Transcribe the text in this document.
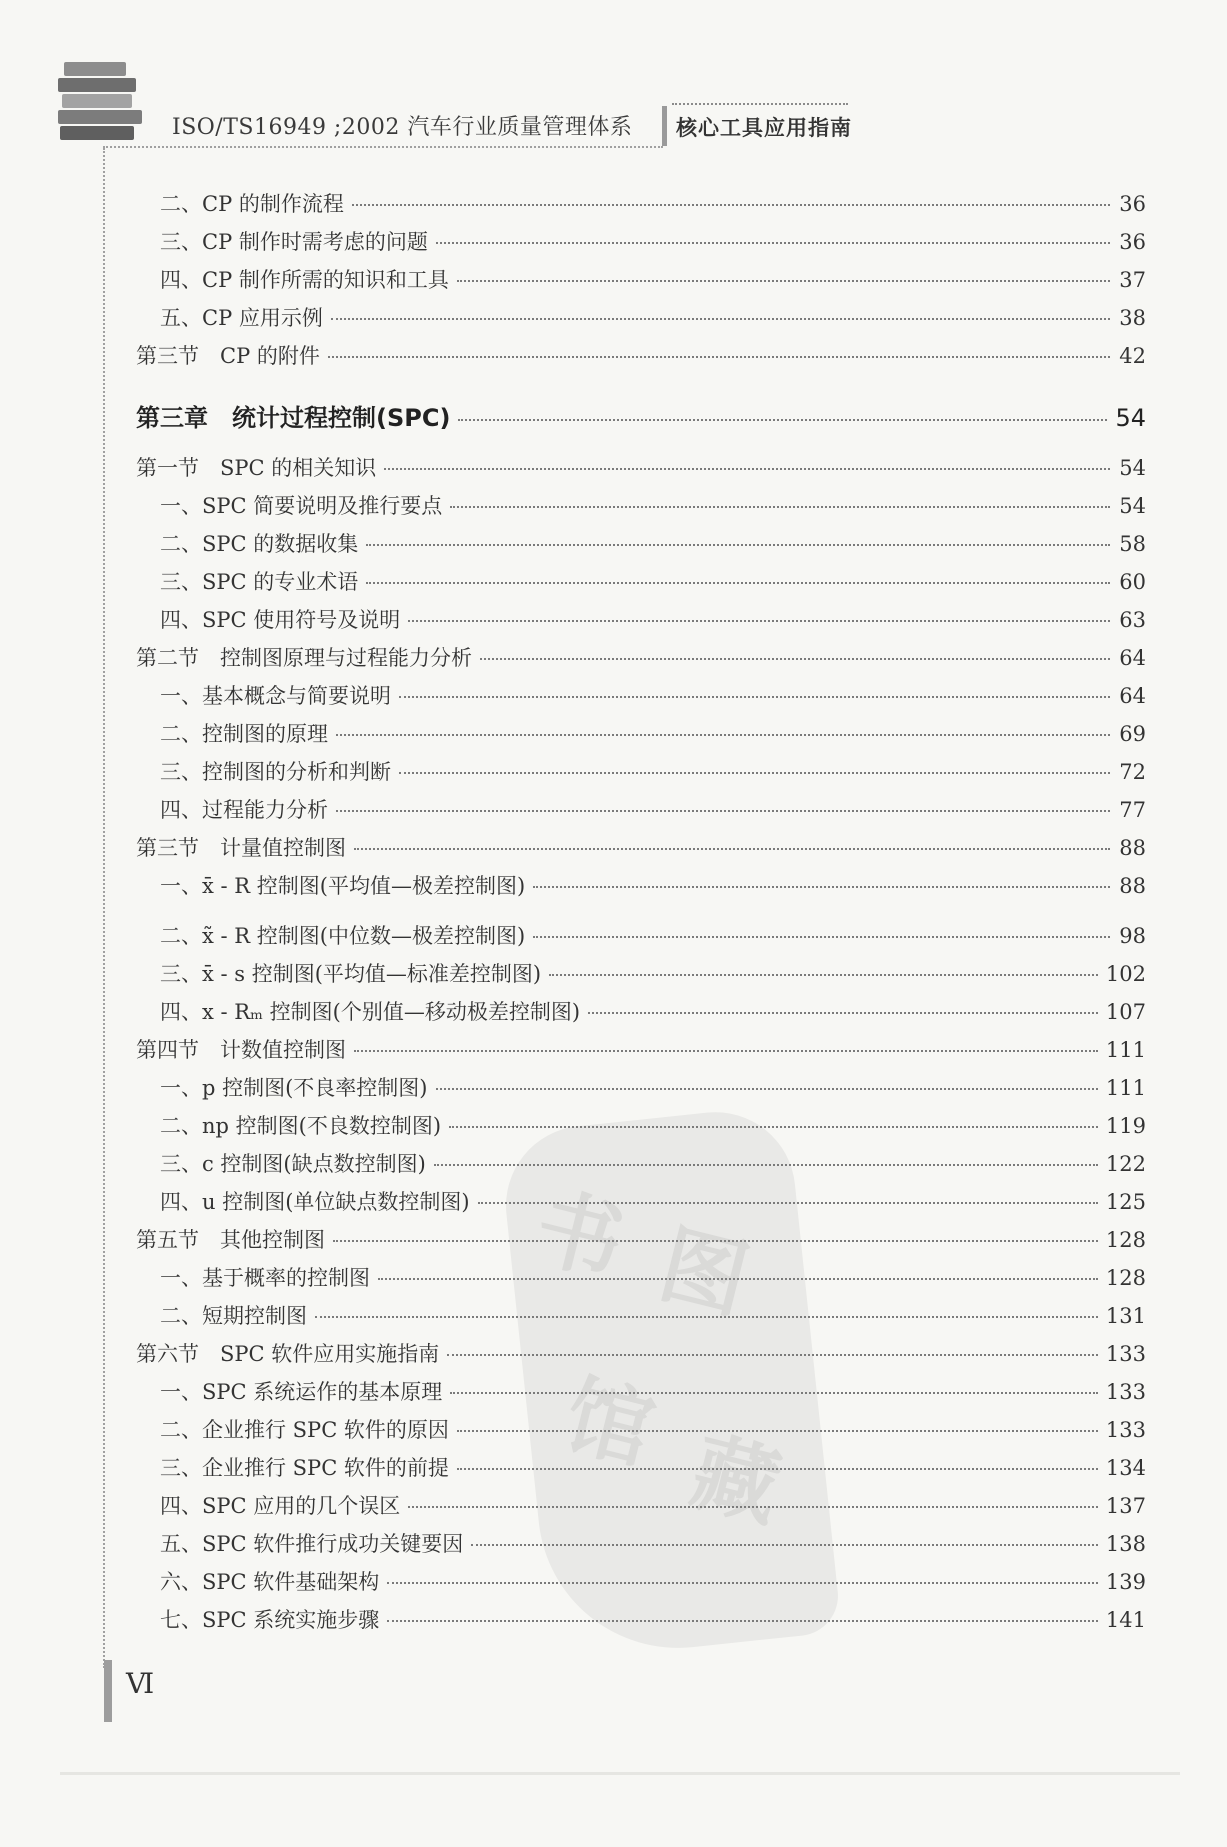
ISO/TS16949 ;2002 汽车行业质量管理体系 核心工具应用指南
书 图
馆 藏
二、CP 的制作流程	36
三、CP 制作时需考虑的问题	36
四、CP 制作所需的知识和工具	37
五、CP 应用示例	38
第三节　CP 的附件	42
第三章　统计过程控制(SPC)	54
第一节　SPC 的相关知识	54
一、SPC 简要说明及推行要点	54
二、SPC 的数据收集	58
三、SPC 的专业术语	60
四、SPC 使用符号及说明	63
第二节　控制图原理与过程能力分析	64
一、基本概念与简要说明	64
二、控制图的原理	69
三、控制图的分析和判断	72
四、过程能力分析	77
第三节　计量值控制图	88
一、x̄ - R 控制图(平均值—极差控制图)	88
二、x̃ - R 控制图(中位数—极差控制图)	98
三、x̄ - s 控制图(平均值—标准差控制图)	102
四、x - Rₘ 控制图(个别值—移动极差控制图)	107
第四节　计数值控制图	111
一、p 控制图(不良率控制图)	111
二、np 控制图(不良数控制图)	119
三、c 控制图(缺点数控制图)	122
四、u 控制图(单位缺点数控制图)	125
第五节　其他控制图	128
一、基于概率的控制图	128
二、短期控制图	131
第六节　SPC 软件应用实施指南	133
一、SPC 系统运作的基本原理	133
二、企业推行 SPC 软件的原因	133
三、企业推行 SPC 软件的前提	134
四、SPC 应用的几个误区	137
五、SPC 软件推行成功关键要因	138
六、SPC 软件基础架构	139
七、SPC 系统实施步骤	141
Ⅵ
